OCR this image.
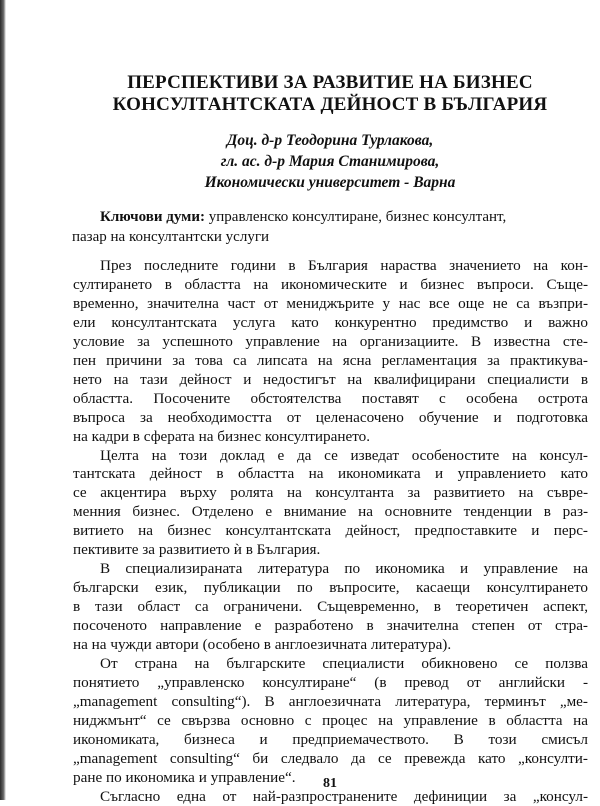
ПЕРСПЕКТИВИ ЗА РАЗВИТИЕ НА БИЗНЕС
КОНСУЛТАНТСКАТА ДЕЙНОСТ В БЪЛГАРИЯ
Доц. д-р Теодорина Турлакова,
гл. ас. д-р Мария Станимирова,
Икономически университет - Варна
Ключови думи: управленско консултиране, бизнес консултант,
пазар на консултантски услуги
През последните години в България нараства значението на кон-
султирането в областта на икономическите и бизнес въпроси. Съще-
временно, значителна част от мениджърите у нас все още не са възпри-
ели консултантската услуга като конкурентно предимство и важно
условие за успешното управление на организациите. В известна сте-
пен причини за това са липсата на ясна регламентация за практикува-
нето на тази дейност и недостигът на квалифицирани специалисти в
областта. Посочените обстоятелства поставят с особена острота
въпроса за необходимостта от целенасочено обучение и подготовка
на кадри в сферата на бизнес консултирането.
Целта на този доклад е да се изведат особеностите на консул-
тантската дейност в областта на икономиката и управлението като
се акцентира върху ролята на консултанта за развитието на съвре-
менния бизнес. Отделено е внимание на основните тенденции в раз-
витието на бизнес консултантската дейност, предпоставките и перс-
пективите за развитието ѝ в България.
В специализираната литература по икономика и управление на
български език, публикации по въпросите, касаещи консултирането
в тази област са ограничени. Същевременно, в теоретичен аспект,
посоченото направление е разработено в значителна степен от стра-
на на чужди автори (особено в англоезичната литература).
От страна на българските специалисти обикновено се ползва
понятието „управленско консултиране“ (в превод от английски -
„management consulting“). В англоезичната литература, терминът „ме-
ниджмънт“ се свързва основно с процес на управление в областта на
икономиката, бизнеса и предприемачеството. В този смисъл
„management consulting“ би следвало да се превежда като „консулти-
ране по икономика и управление“.
Съгласно една от най-разпространените дефиниции за „консул-
81
